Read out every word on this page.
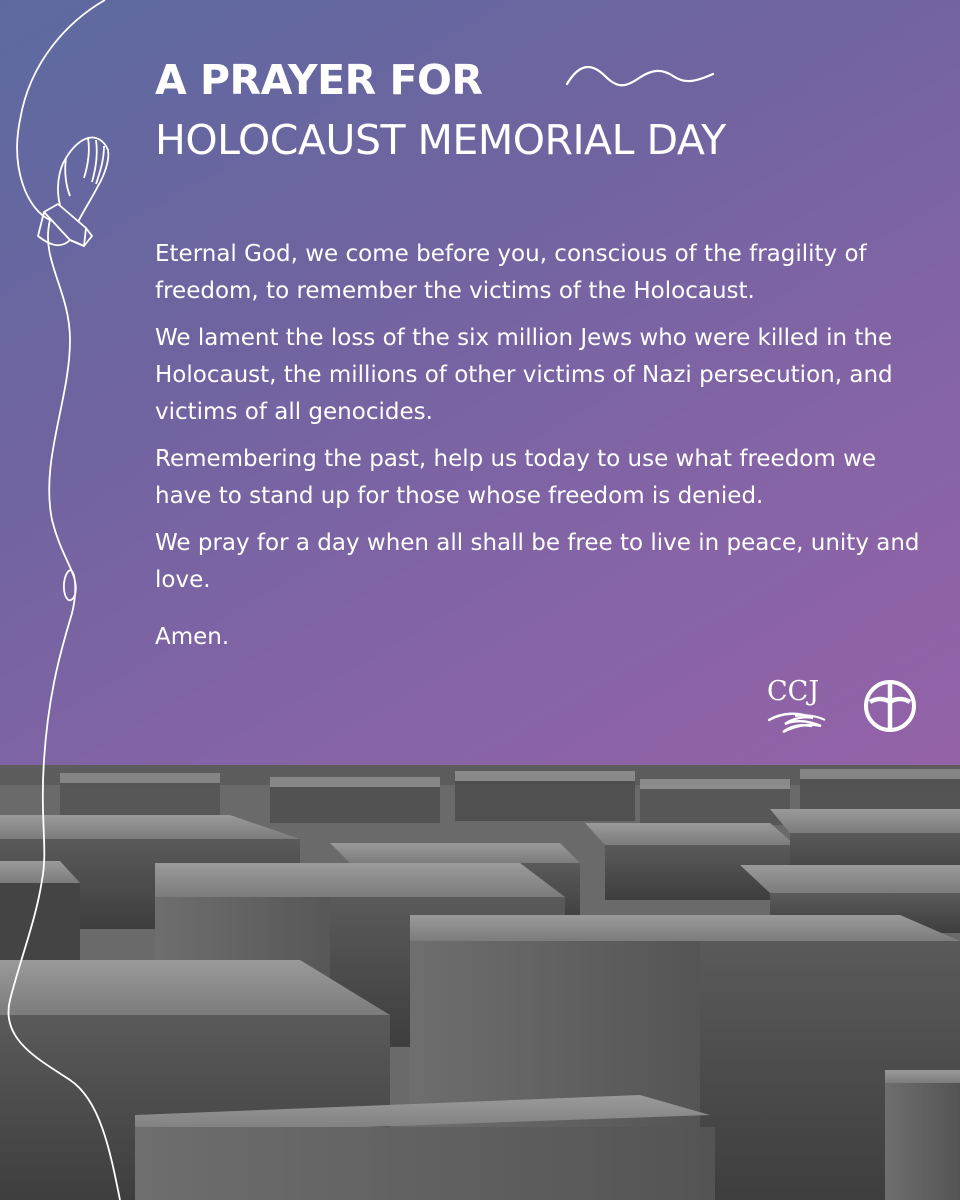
A PRAYER FOR
HOLOCAUST MEMORIAL DAY

Eternal God, we come before you, conscious of the fragility of freedom, to remember the victims of the Holocaust.

We lament the loss of the six million Jews who were killed in the Holocaust, the millions of other victims of Nazi persecution, and victims of all genocides.

Remembering the past, help us today to use what freedom we have to stand up for those whose freedom is denied.

We pray for a day when all shall be free to live in peace, unity and love.

Amen.

CCJ
